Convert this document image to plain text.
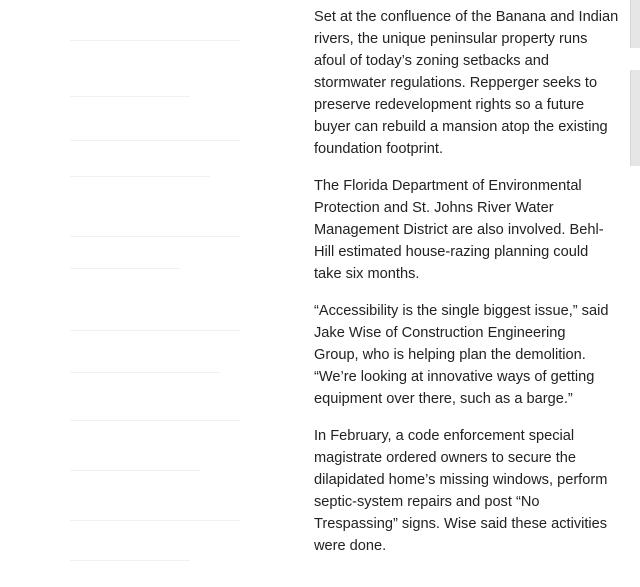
Set at the confluence of the Banana and Indian
rivers, the unique peninsular property runs
afoul of today’s zoning setbacks and
stormwater regulations. Repperger seeks to
preserve redevelopment rights so a future
buyer can rebuild a mansion atop the existing
foundation footprint.

The Florida Department of Environmental
Protection and St. Johns River Water
Management District are also involved. Behl-
Hill estimated house-razing planning could
take six months.

“Accessibility is the single biggest issue,” said
Jake Wise of Construction Engineering
Group, who is helping plan the demolition.
“We’re looking at innovative ways of getting
equipment over there, such as a barge.”

In February, a code enforcement special
magistrate ordered owners to secure the
dilapidated home’s missing windows, perform
septic-system repairs and post “No
Trespassing” signs. Wise said these activities
were done.
